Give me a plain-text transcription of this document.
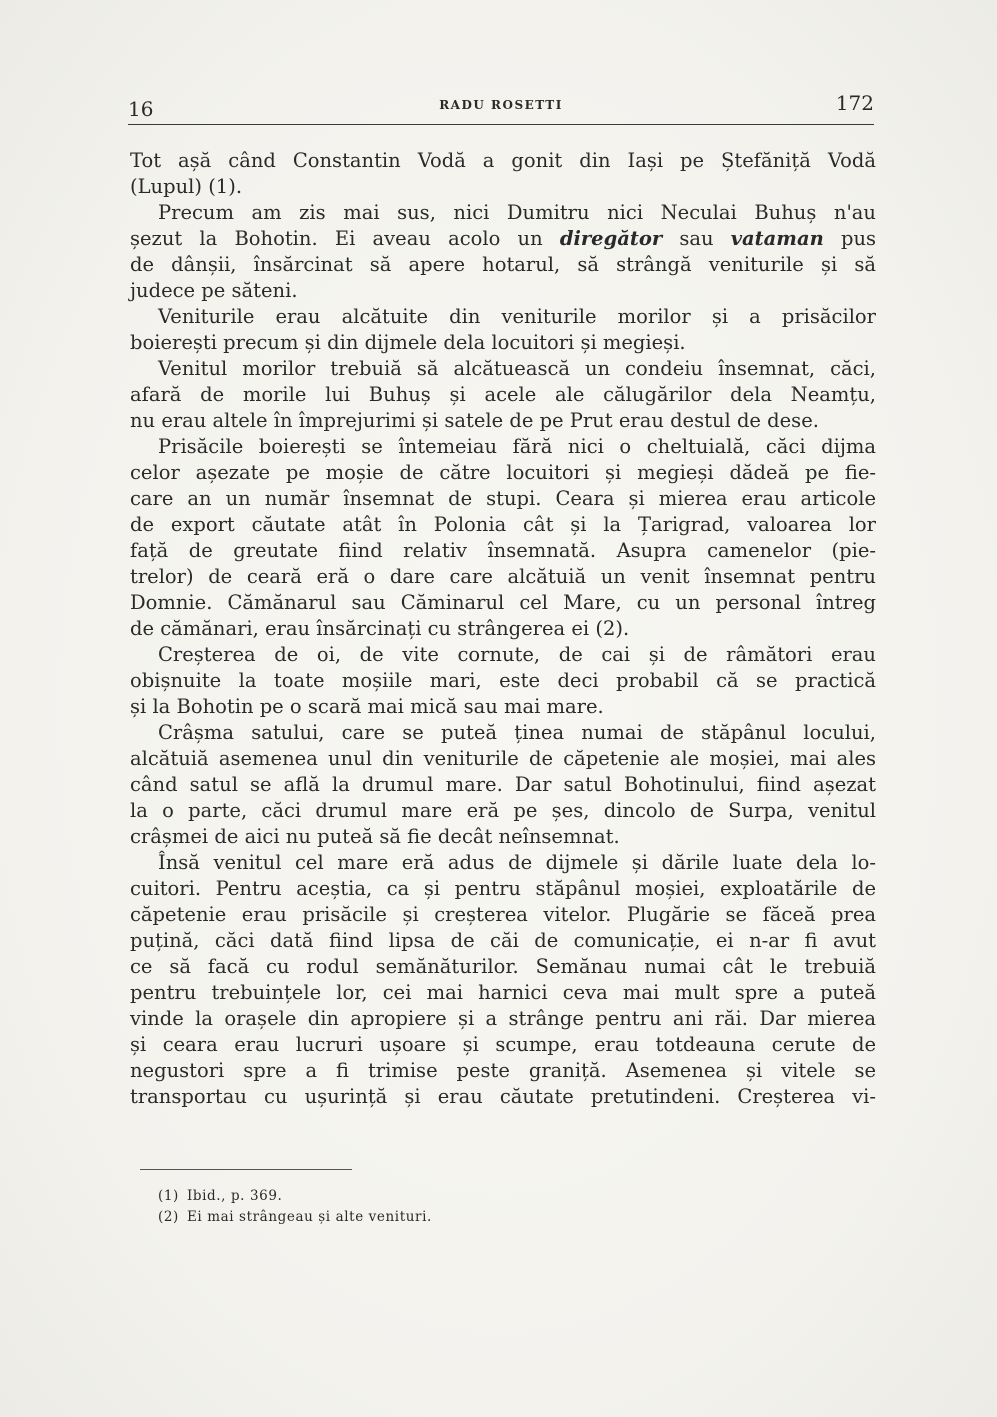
16	RADU ROSETTI	172
Tot așă când Constantin Vodă a gonit din Iași pe Ștefăniță Vodă
(Lupul) (1).
Precum am zis mai sus, nici Dumitru nici Neculai Buhuș n'au
șezut la Bohotin. Ei aveau acolo un diregător sau vataman pus
de dânșii, însărcinat să apere hotarul, să strângă veniturile și să
judece pe săteni.
Veniturile erau alcătuite din veniturile morilor și a prisăcilor
boierești precum și din dijmele dela locuitori și megieși.
Venitul morilor trebuiă să alcătuească un condeiu însemnat, căci,
afară de morile lui Buhuș și acele ale călugărilor dela Neamțu,
nu erau altele în împrejurimi și satele de pe Prut erau destul de dese.
Prisăcile boierești se întemeiau fără nici o cheltuială, căci dijma
celor așezate pe moșie de către locuitori și megieși dădeă pe fie-
care an un număr însemnat de stupi. Ceara și mierea erau articole
de export căutate atât în Polonia cât și la Țarigrad, valoarea lor
față de greutate fiind relativ însemnată. Asupra camenelor (pie-
trelor) de ceară eră o dare care alcătuiă un venit însemnat pentru
Domnie. Cămănarul sau Căminarul cel Mare, cu un personal întreg
de cămănari, erau însărcinați cu strângerea ei (2).
Creșterea de oi, de vite cornute, de cai și de râmători erau
obișnuite la toate moșiile mari, este deci probabil că se practică
și la Bohotin pe o scară mai mică sau mai mare.
Crâșma satului, care se puteă ținea numai de stăpânul locului,
alcătuiă asemenea unul din veniturile de căpetenie ale moșiei, mai ales
când satul se află la drumul mare. Dar satul Bohotinului, fiind așezat
la o parte, căci drumul mare eră pe șes, dincolo de Surpa, venitul
crâșmei de aici nu puteă să fie decât neînsemnat.
Însă venitul cel mare eră adus de dijmele și dările luate dela lo-
cuitori. Pentru aceștia, ca și pentru stăpânul moșiei, exploatările de
căpetenie erau prisăcile și creșterea vitelor. Plugărie se făceă prea
puțină, căci dată fiind lipsa de căi de comunicație, ei n-ar fi avut
ce să facă cu rodul semănăturilor. Semănau numai cât le trebuiă
pentru trebuințele lor, cei mai harnici ceva mai mult spre a puteă
vinde la orașele din apropiere și a strânge pentru ani răi. Dar mierea
și ceara erau lucruri ușoare și scumpe, erau totdeauna cerute de
negustori spre a fi trimise peste graniță. Asemenea și vitele se
transportau cu ușurință și erau căutate pretutindeni. Creșterea vi-
(1) Ibid., p. 369.
(2) Ei mai strângeau și alte venituri.
